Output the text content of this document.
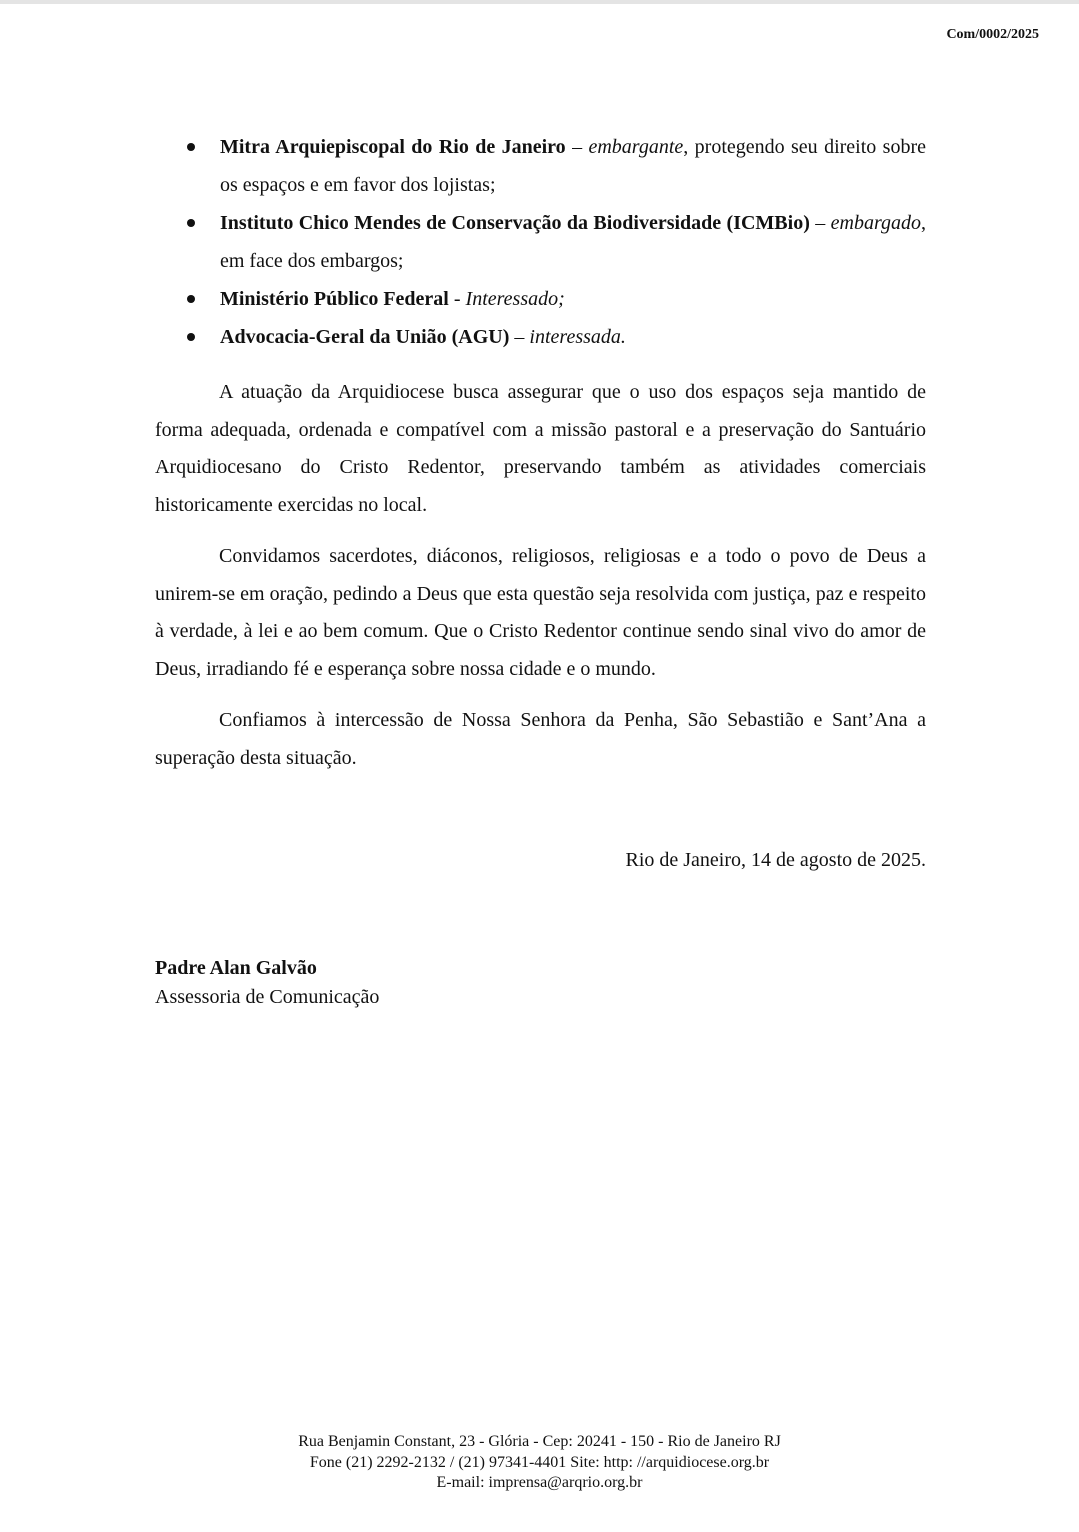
Com/0002/2025
Mitra Arquiepiscopal do Rio de Janeiro – embargante, protegendo seu direito sobre os espaços e em favor dos lojistas;
Instituto Chico Mendes de Conservação da Biodiversidade (ICMBio) – embargado, em face dos embargos;
Ministério Público Federal - Interessado;
Advocacia-Geral da União (AGU) – interessada.

A atuação da Arquidiocese busca assegurar que o uso dos espaços seja mantido de forma adequada, ordenada e compatível com a missão pastoral e a preservação do Santuário Arquidiocesano do Cristo Redentor, preservando também as atividades comerciais historicamente exercidas no local.

Convidamos sacerdotes, diáconos, religiosos, religiosas e a todo o povo de Deus a unirem-se em oração, pedindo a Deus que esta questão seja resolvida com justiça, paz e respeito à verdade, à lei e ao bem comum. Que o Cristo Redentor continue sendo sinal vivo do amor de Deus, irradiando fé e esperança sobre nossa cidade e o mundo.

Confiamos à intercessão de Nossa Senhora da Penha, São Sebastião e Sant’Ana a superação desta situação.

Rio de Janeiro, 14 de agosto de 2025.
Padre Alan Galvão
Assessoria de Comunicação
Rua Benjamin Constant, 23 - Glória - Cep: 20241 - 150 - Rio de Janeiro RJ
Fone (21) 2292-2132 / (21) 97341-4401 Site: http: //arquidiocese.org.br
E-mail: imprensa@arqrio.org.br
